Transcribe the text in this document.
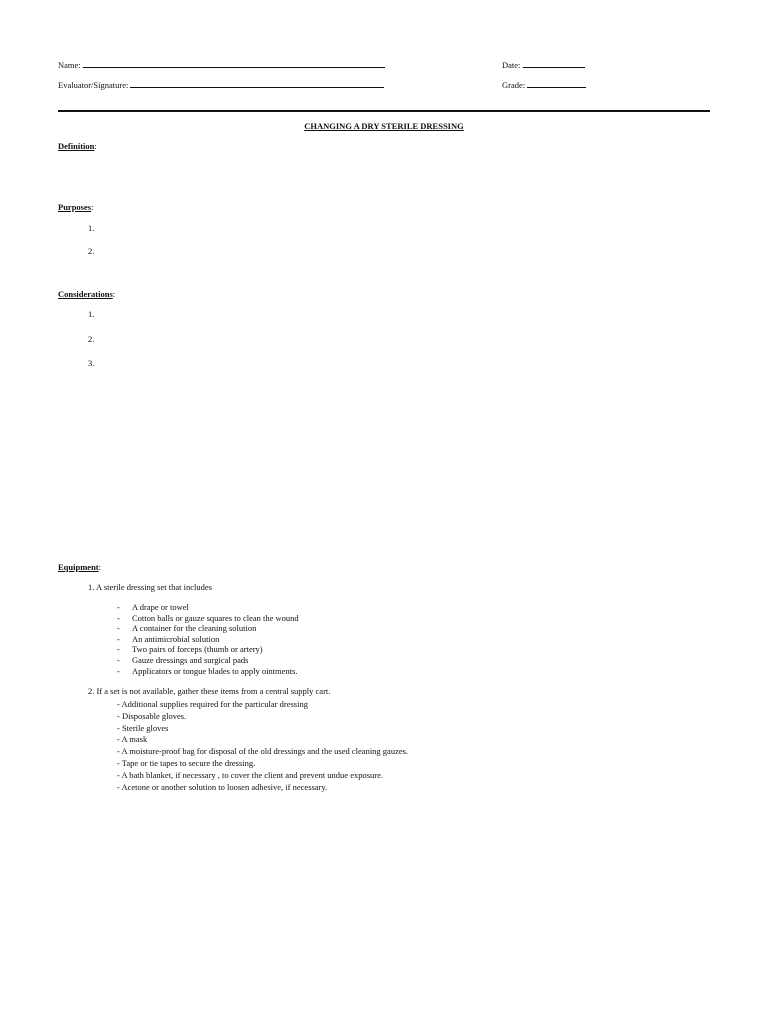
Name:	Date:
Evaluator/Signature:	Grade:
CHANGING A DRY STERILE DRESSING
Definition:
Purposes:
1.
2.
Considerations:
1.
2.
3.
Equipment:
1. A sterile dressing set that includes
- A drape or towel
- Cotton balls or gauze squares to clean the wound
- A container for the cleaning solution
- An antimicrobial solution
- Two pairs of forceps (thumb or artery)
- Gauze dressings and surgical pads
- Applicators or tongue blades to apply ointments.
2. If a set is not available, gather these items from a central supply cart.
- Additional supplies required for the particular dressing
- Disposable gloves.
- Sterile gloves
- A mask
- A moisture-proof bag for disposal of the old dressings and the used cleaning gauzes.
- Tape or tie tapes to secure the dressing.
- A bath blanket, if necessary , to cover the client and prevent undue exposure.
- Acetone or another solution to loosen adhesive, if necessary.
